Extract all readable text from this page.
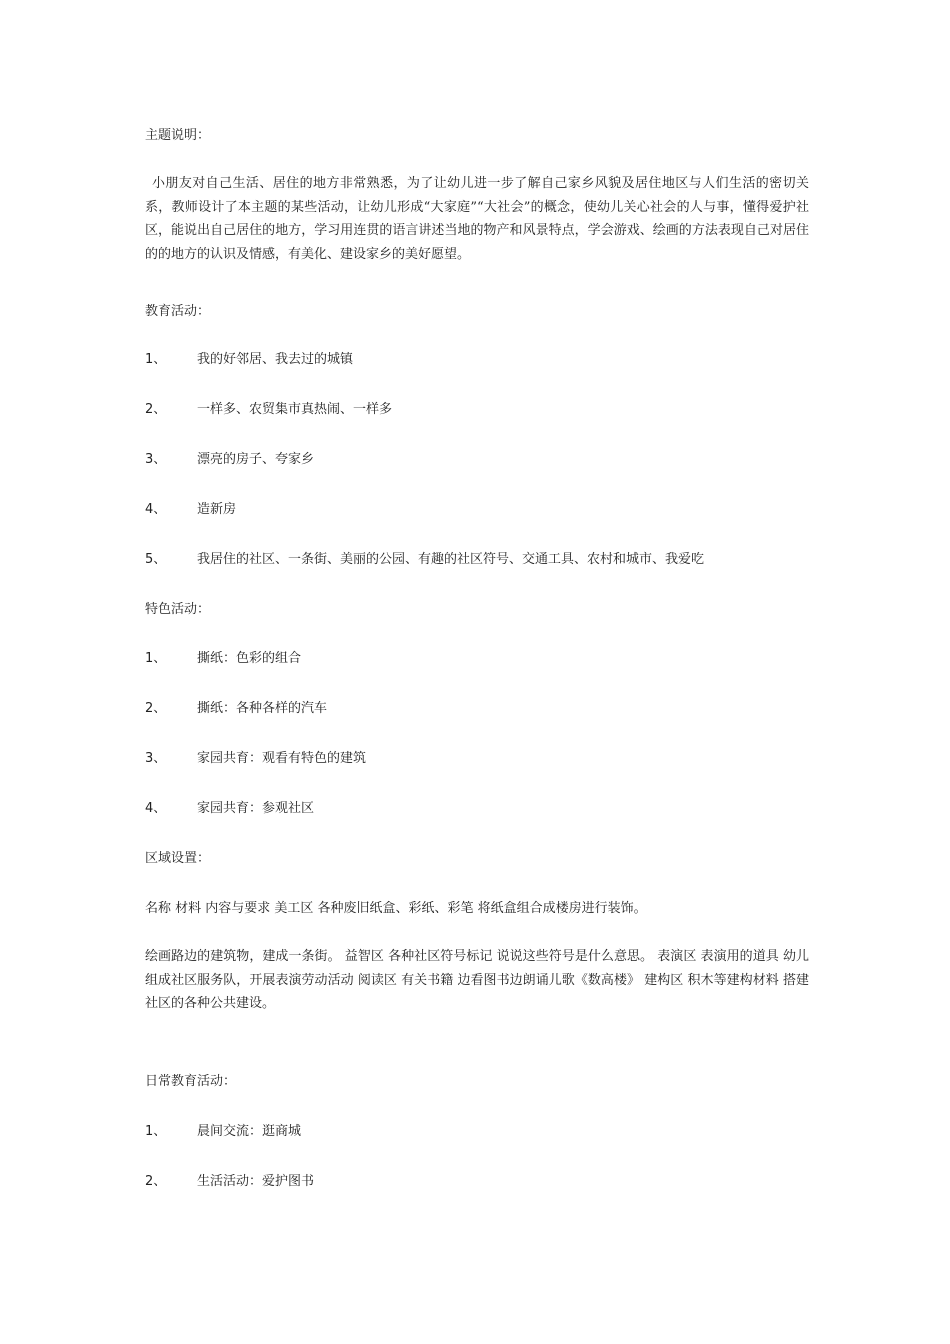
主题说明：
小朋友对自己生活、居住的地方非常熟悉，为了让幼儿进一步了解自己家乡风貌及居住地区与人们生活的密切关系，教师设计了本主题的某些活动，让幼儿形成“大家庭”“大社会”的概念，使幼儿关心社会的人与事，懂得爱护社区，能说出自己居住的地方，学习用连贯的语言讲述当地的物产和风景特点，学会游戏、绘画的方法表现自己对居住的的地方的认识及情感，有美化、建设家乡的美好愿望。
教育活动：
1、 我的好邻居、我去过的城镇
2、 一样多、农贸集市真热闹、一样多
3、 漂亮的房子、夸家乡
4、 造新房
5、 我居住的社区、一条街、美丽的公园、有趣的社区符号、交通工具、农村和城市、我爱吃
特色活动：
1、 撕纸：色彩的组合
2、 撕纸：各种各样的汽车
3、 家园共育：观看有特色的建筑
4、 家园共育：参观社区
区域设置：
名称 材料 内容与要求 美工区 各种废旧纸盒、彩纸、彩笔 将纸盒组合成楼房进行装饰。
绘画路边的建筑物，建成一条街。 益智区 各种社区符号标记 说说这些符号是什么意思。 表演区 表演用的道具 幼儿组成社区服务队，开展表演劳动活动 阅读区 有关书籍 边看图书边朗诵儿歌《数高楼》 建构区 积木等建构材料 搭建社区的各种公共建设。
日常教育活动：
1、 晨间交流：逛商城
2、 生活活动：爱护图书
